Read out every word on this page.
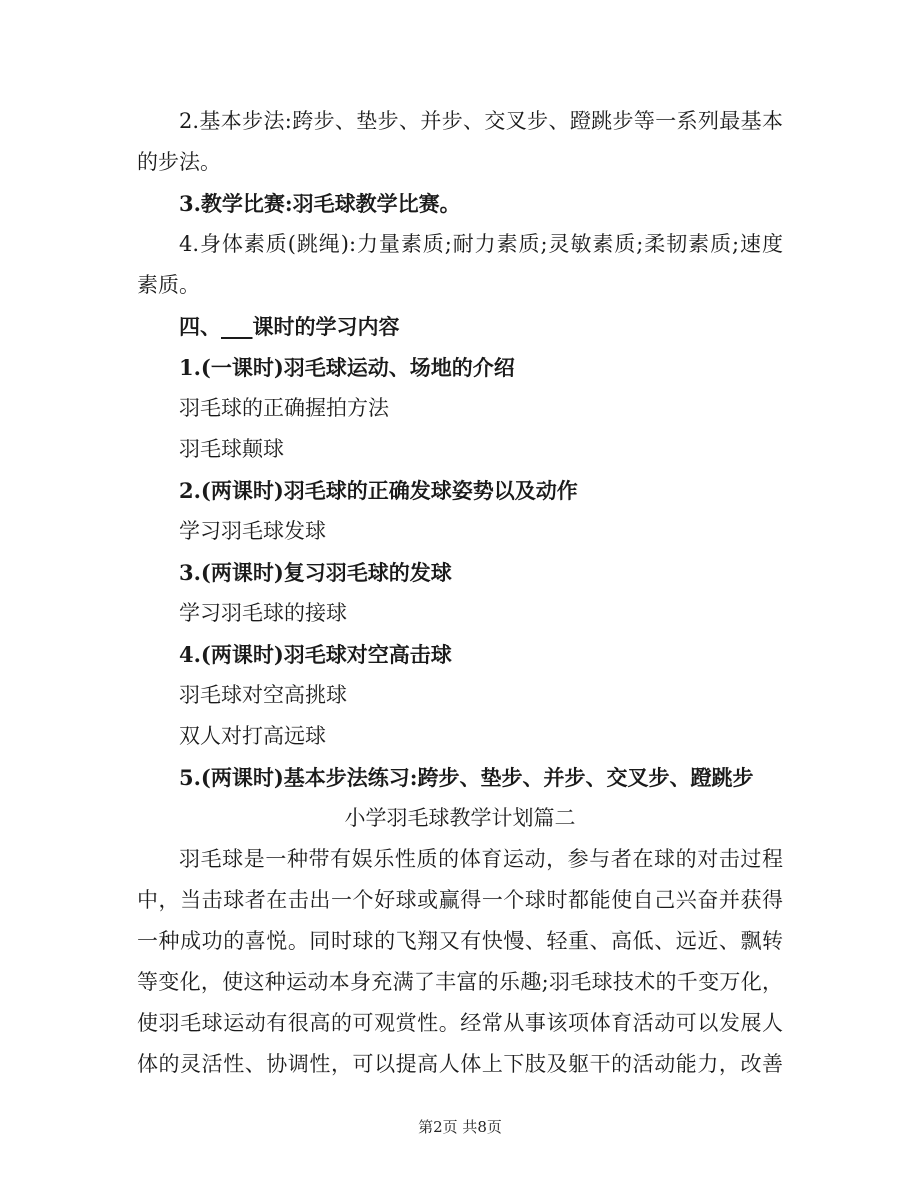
2.基本步法:跨步、垫步、并步、交叉步、蹬跳步等一系列最基本
的步法。
3.教学比赛:羽毛球教学比赛。
4.身体素质(跳绳):力量素质;耐力素质;灵敏素质;柔韧素质;速度
素质。
四、___课时的学习内容
1.(一课时)羽毛球运动、场地的介绍
羽毛球的正确握拍方法
羽毛球颠球
2.(两课时)羽毛球的正确发球姿势以及动作
学习羽毛球发球
3.(两课时)复习羽毛球的发球
学习羽毛球的接球
4.(两课时)羽毛球对空高击球
羽毛球对空高挑球
双人对打高远球
5.(两课时)基本步法练习:跨步、垫步、并步、交叉步、蹬跳步
小学羽毛球教学计划篇二
羽毛球是一种带有娱乐性质的体育运动，参与者在球的对击过程
中，当击球者在击出一个好球或赢得一个球时都能使自己兴奋并获得
一种成功的喜悦。同时球的飞翔又有快慢、轻重、高低、远近、飘转
等变化，使这种运动本身充满了丰富的乐趣;羽毛球技术的千变万化，
使羽毛球运动有很高的可观赏性。经常从事该项体育活动可以发展人
体的灵活性、协调性，可以提高人体上下肢及躯干的活动能力，改善
第2页 共8页
